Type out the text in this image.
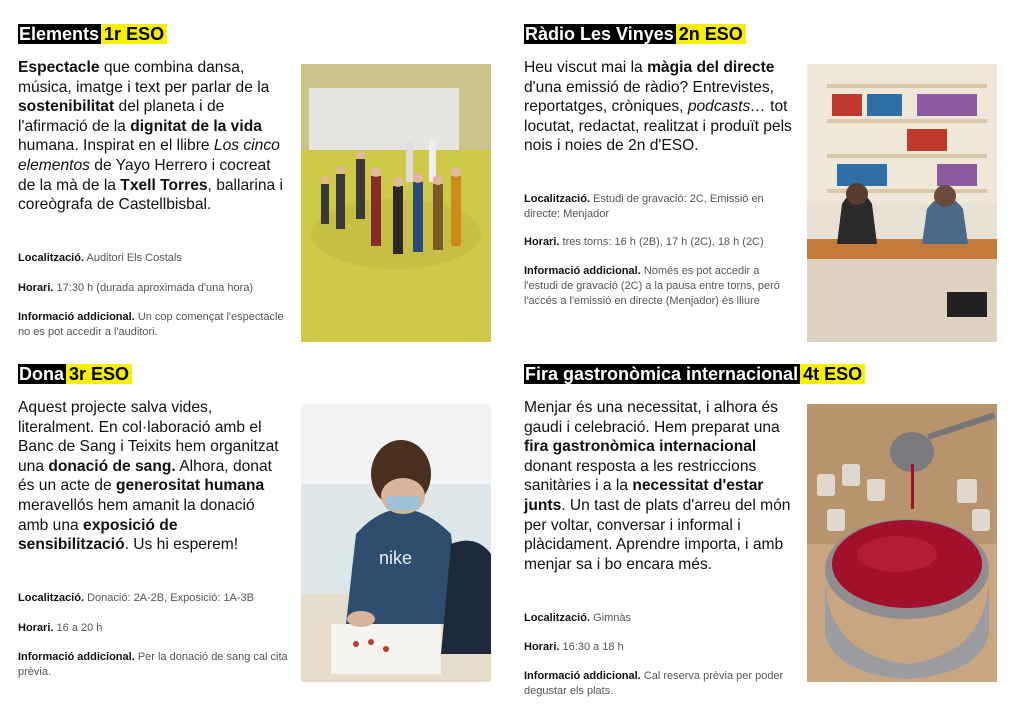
Elements 1r ESO
Espectacle que combina dansa, música, imatge i text per parlar de la sostenibilitat del planeta i de l'afirmació de la dignitat de la vida humana. Inspirat en el llibre Los cinco elementos de Yayo Herrero i cocreat de la mà de la Txell Torres, ballarina i coreògrafa de Castellbisbal.
Localització. Auditori Els Costals
Horari. 17:30 h (durada aproximada d'una hora)
Informació addicional. Un cop començat l'espectacle no es pot accedir a l'auditori.
Ràdio Les Vinyes 2n ESO
Heu viscut mai la màgia del directe d'una emissió de ràdio? Entrevistes, reportatges, cròniques, podcasts… tot locutat, redactat, realitzat i produït pels nois i noies de 2n d'ESO.
Localització. Estudi de gravació: 2C, Emissió en directe: Menjador
Horari. tres torns: 16 h (2B), 17 h (2C), 18 h (2C)
Informació addicional. Només es pot accedir a l'estudi de gravació (2C) a la pausa entre torns, però l'accés a l'emissió en directe (Menjador) és lliure
Dona 3r ESO
Aquest projecte salva vides, literalment. En col·laboració amb el Banc de Sang i Teixits hem organitzat una donació de sang. Alhora, donat és un acte de generositat humana meravellós hem amanit la donació amb una exposició de sensibilització. Us hi esperem!
Localització. Donació: 2A-2B, Exposició: 1A-3B
Horari. 16 a 20 h
Informació addicional. Per la donació de sang cal cita prèvia.
nike
Fira gastronòmica internacional 4t ESO
Menjar és una necessitat, i alhora és gaudi i celebració. Hem preparat una fira gastronòmica internacional donant resposta a les restriccions sanitàries i a la necessitat d'estar junts. Un tast de plats d'arreu del món per voltar, conversar i informal i plàcidament. Aprendre importa, i amb menjar sa i bo encara més.
Localització. Gimnàs
Horari. 16:30 a 18 h
Informació addicional. Cal reserva prèvia per poder degustar els plats.
